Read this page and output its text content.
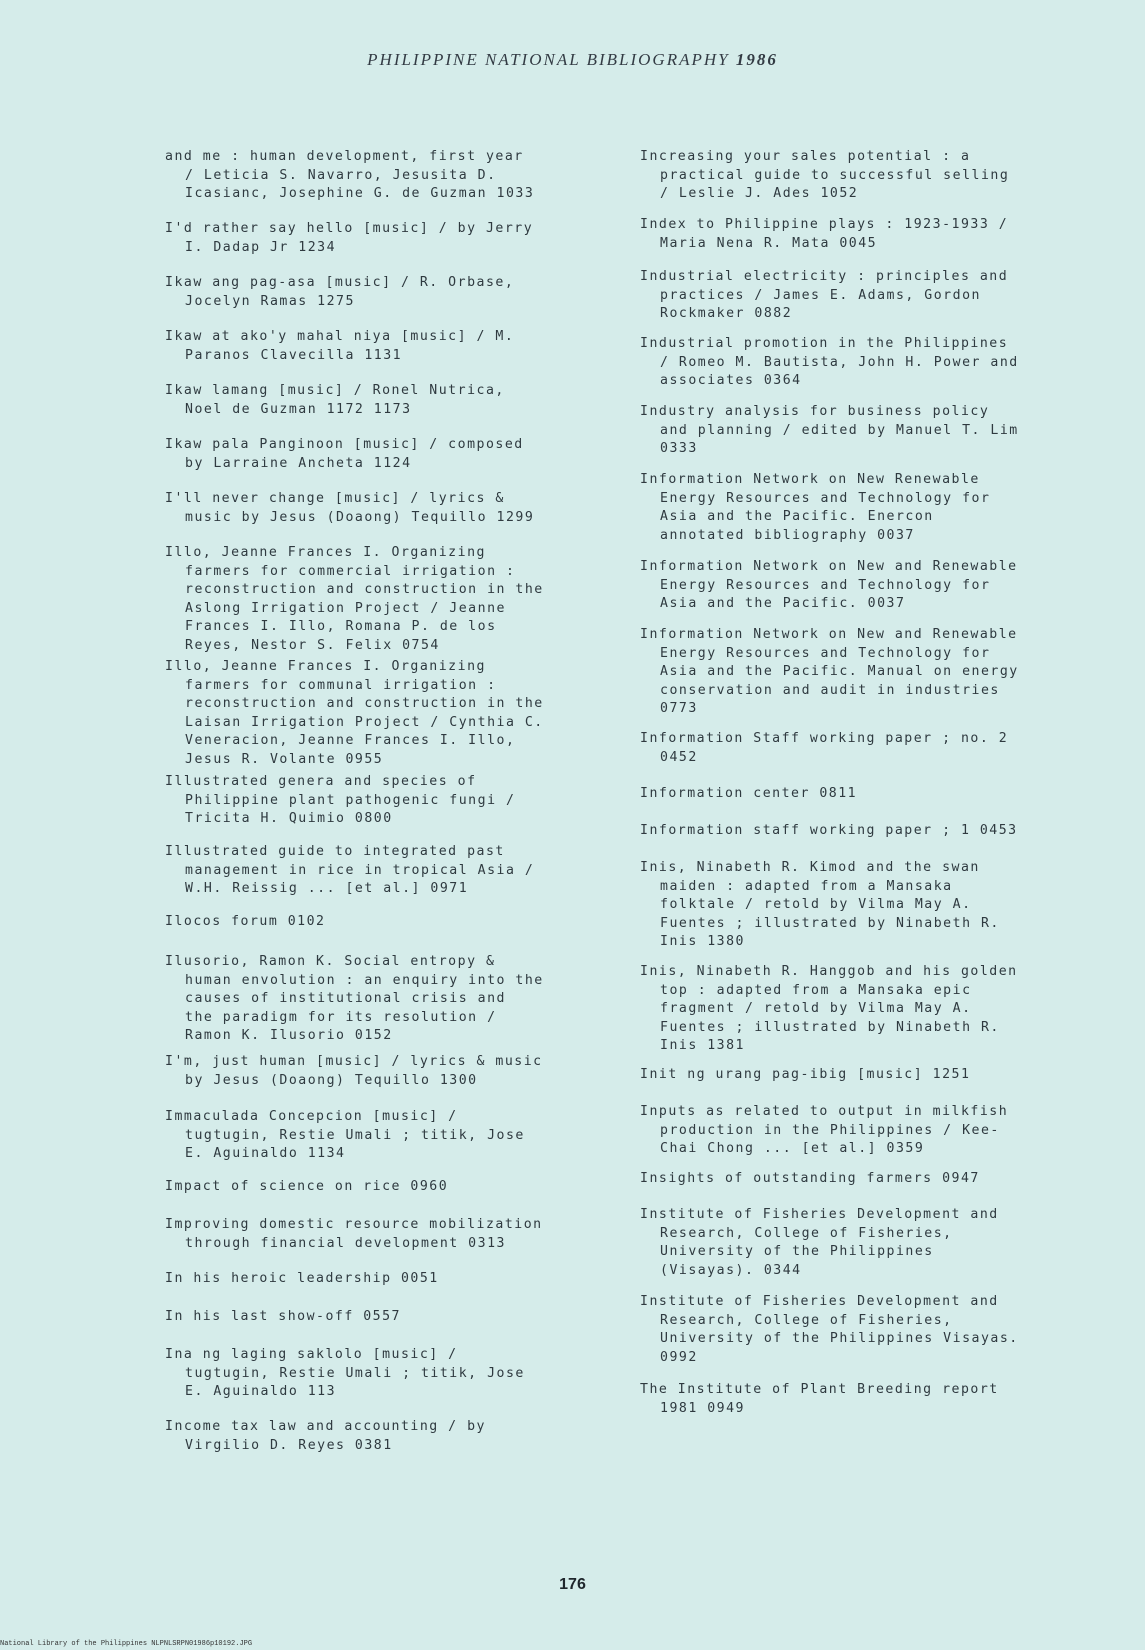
PHILIPPINE NATIONAL BIBLIOGRAPHY 1986

and me : human development, first year
/ Leticia S. Navarro, Jesusita D.
Icasianc, Josephine G. de Guzman 1033

I'd rather say hello [music] / by Jerry
I. Dadap Jr 1234

Ikaw ang pag-asa [music] / R. Orbase,
Jocelyn Ramas 1275

Ikaw at ako'y mahal niya [music] / M.
Paranos Clavecilla 1131

Ikaw lamang [music] / Ronel Nutrica,
Noel de Guzman 1172 1173

Ikaw pala Panginoon [music] / composed
by Larraine Ancheta 1124

I'll never change [music] / lyrics &
music by Jesus (Doaong) Tequillo 1299

Illo, Jeanne Frances I. Organizing
farmers for commercial irrigation :
reconstruction and construction in the
Aslong Irrigation Project / Jeanne
Frances I. Illo, Romana P. de los
Reyes, Nestor S. Felix 0754

Illo, Jeanne Frances I. Organizing
farmers for communal irrigation :
reconstruction and construction in the
Laisan Irrigation Project / Cynthia C.
Veneracion, Jeanne Frances I. Illo,
Jesus R. Volante 0955

Illustrated genera and species of
Philippine plant pathogenic fungi /
Tricita H. Quimio 0800

Illustrated guide to integrated past
management in rice in tropical Asia /
W.H. Reissig ... [et al.] 0971

Ilocos forum 0102

Ilusorio, Ramon K. Social entropy &
human envolution : an enquiry into the
causes of institutional crisis and
the paradigm for its resolution /
Ramon K. Ilusorio 0152

I'm, just human [music] / lyrics & music
by Jesus (Doaong) Tequillo 1300

Immaculada Concepcion [music] /
tugtugin, Restie Umali ; titik, Jose
E. Aguinaldo 1134

Impact of science on rice 0960

Improving domestic resource mobilization
through financial development 0313

In his heroic leadership 0051

In his last show-off 0557

Ina ng laging saklolo [music] /
tugtugin, Restie Umali ; titik, Jose
E. Aguinaldo 113

Income tax law and accounting / by
Virgilio D. Reyes 0381

Increasing your sales potential : a
practical guide to successful selling
/ Leslie J. Ades 1052

Index to Philippine plays : 1923-1933 /
Maria Nena R. Mata 0045

Industrial electricity : principles and
practices / James E. Adams, Gordon
Rockmaker 0882

Industrial promotion in the Philippines
/ Romeo M. Bautista, John H. Power and
associates 0364

Industry analysis for business policy
and planning / edited by Manuel T. Lim
0333

Information Network on New Renewable
Energy Resources and Technology for
Asia and the Pacific. Enercon
annotated bibliography 0037

Information Network on New and Renewable
Energy Resources and Technology for
Asia and the Pacific. 0037

Information Network on New and Renewable
Energy Resources and Technology for
Asia and the Pacific. Manual on energy
conservation and audit in industries
0773

Information Staff working paper ; no. 2
0452

Information center 0811

Information staff working paper ; 1 0453

Inis, Ninabeth R. Kimod and the swan
maiden : adapted from a Mansaka
folktale / retold by Vilma May A.
Fuentes ; illustrated by Ninabeth R.
Inis 1380

Inis, Ninabeth R. Hanggob and his golden
top : adapted from a Mansaka epic
fragment / retold by Vilma May A.
Fuentes ; illustrated by Ninabeth R.
Inis 1381

Init ng urang pag-ibig [music] 1251

Inputs as related to output in milkfish
production in the Philippines / Kee-
Chai Chong ... [et al.] 0359

Insights of outstanding farmers 0947

Institute of Fisheries Development and
Research, College of Fisheries,
University of the Philippines
(Visayas). 0344

Institute of Fisheries Development and
Research, College of Fisheries,
University of the Philippines Visayas.
0992

The Institute of Plant Breeding report
1981 0949

176
National Library of the Philippines NLPNLSRPN01986p10192.JPG
